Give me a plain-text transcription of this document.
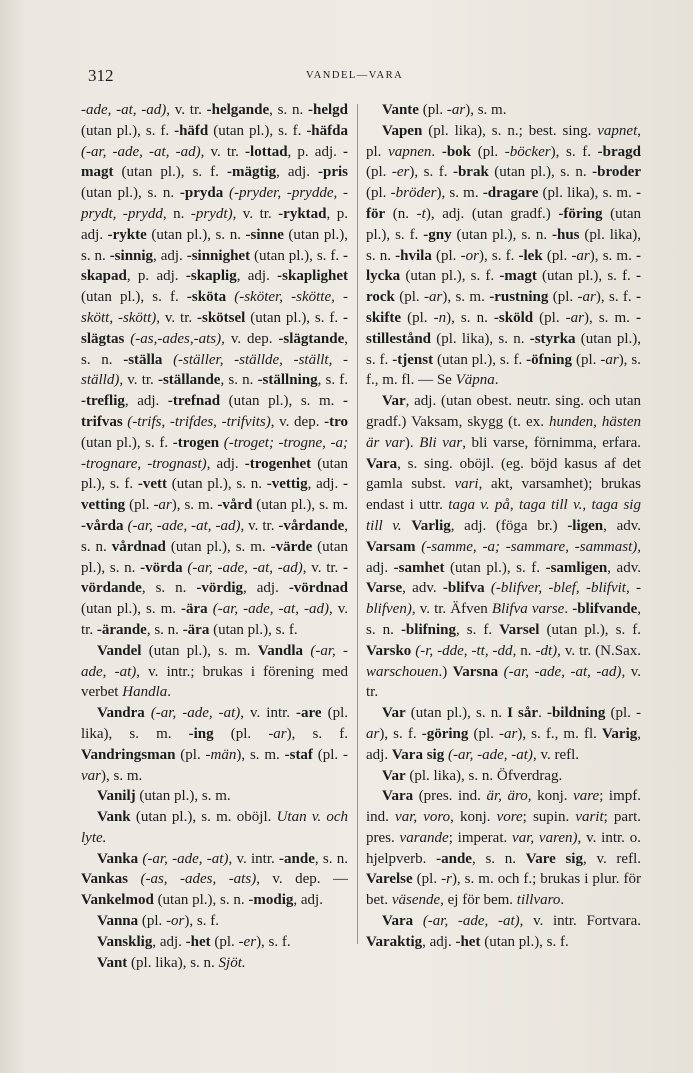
312	VANDEL—VARA

-ade, -at, -ad), v. tr. -helgande, s. n. -helgd (utan pl.), s. f. -häfd (utan pl.), s. f. -häfda (-ar, -ade, -at, -ad), v. tr. -lottad, p. adj. -magt (utan pl.), s. f. -mägtig, adj. -pris (utan pl.), s. n. -pryda (-pryder, -prydde, -prydt, -prydd, n. -prydt), v. tr. -ryktad, p. adj. -rykte (utan pl.), s. n. -sinne (utan pl.), s. n. -sinnig, adj. -sinnighet (utan pl.), s. f. -skapad, p. adj. -skaplig, adj. -skaplighet (utan pl.), s. f. -sköta (-sköter, -skötte, -skött, -skött), v. tr. -skötsel (utan pl.), s. f. -slägtas (-as,-ades,-ats), v. dep. -slägtande, s. n. -ställa (-ställer, -ställde, -ställt, -ställd), v. tr. -ställande, s. n. -ställning, s. f. -treflig, adj. -trefnad (utan pl.), s. m. -trifvas (-trifs, -trifdes, -trifvits), v. dep. -tro (utan pl.), s. f. -trogen (-troget; -trogne, -a; -trognare, -trognast), adj. -trogenhet (utan pl.), s. f. -vett (utan pl.), s. n. -vettig, adj. -vetting (pl. -ar), s. m. -vård (utan pl.), s. m. -vårda (-ar, -ade, -at, -ad), v. tr. -vårdande, s. n. vårdnad (utan pl.), s. m. -värde (utan pl.), s. n. -vörda (-ar, -ade, -at, -ad), v. tr. -vördande, s. n. -vördig, adj. -vördnad (utan pl.), s. m. -ära (-ar, -ade, -at, -ad), v. tr. -ärande, s. n. -ära (utan pl.), s. f.

Vandel (utan pl.), s. m. Vandla (-ar, -ade, -at), v. intr.; brukas i förening med verbet Handla.

Vandra (-ar, -ade, -at), v. intr. -are (pl. lika), s. m. -ing (pl. -ar), s. f. Vandringsman (pl. -män), s. m. -staf (pl. -var), s. m.

Vanilj (utan pl.), s. m.

Vank (utan pl.), s. m. oböjl. Utan v. och lyte.

Vanka (-ar, -ade, -at), v. intr. -ande, s. n. Vankas (-as, -ades, -ats), v. dep. —Vankelmod (utan pl.), s. n. -modig, adj.

Vanna (pl. -or), s. f.

Vansklig, adj. -het (pl. -er), s. f.

Vant (pl. lika), s. n. Sjöt.

Vante (pl. -ar), s. m.

Vapen (pl. lika), s. n.; best. sing. vapnet, pl. vapnen. -bok (pl. -böcker), s. f. -bragd (pl. -er), s. f. -brak (utan pl.), s. n. -broder (pl. -bröder), s. m. -dragare (pl. lika), s. m. -för (n. -t), adj. (utan gradf.) -föring (utan pl.), s. f. -gny (utan pl.), s. n. -hus (pl. lika), s. n. -hvila (pl. -or), s. f. -lek (pl. -ar), s. m. -lycka (utan pl.), s. f. -magt (utan pl.), s. f. -rock (pl. -ar), s. m. -rustning (pl. -ar), s. f. -skifte (pl. -n), s. n. -sköld (pl. -ar), s. m. -stillestånd (pl. lika), s. n. -styrka (utan pl.), s. f. -tjenst (utan pl.), s. f. -öfning (pl. -ar), s. f., m. fl. — Se Väpna.

Var, adj. (utan obest. neutr. sing. och utan gradf.) Vaksam, skygg (t. ex. hunden, hästen är var). Bli var, bli varse, förnimma, erfara. Vara, s. sing. oböjl. (eg. böjd kasus af det gamla subst. vari, akt, varsamhet); brukas endast i uttr. taga v. på, taga till v., taga sig till v. Varlig, adj. (föga br.) -ligen, adv. Varsam (-samme, -a; -sammare, -sammast), adj. -samhet (utan pl.), s. f. -samligen, adv. Varse, adv. -blifva (-blifver, -blef, -blifvit, -blifven), v. tr. Äfven Blifva varse. -blifvande, s. n. -blifning, s. f. Varsel (utan pl.), s. f. Varsko (-r, -dde, -tt, -dd, n. -dt), v. tr. (N.Sax. warschouen.) Varsna (-ar, -ade, -at, -ad), v. tr.

Var (utan pl.), s. n. I sår. -bildning (pl. -ar), s. f. -göring (pl. -ar), s. f., m. fl. Varig, adj. Vara sig (-ar, -ade, -at), v. refl.

Var (pl. lika), s. n. Öfverdrag.

Vara (pres. ind. är, äro, konj. vare; impf. ind. var, voro, konj. vore; supin. varit; part. pres. varande; imperat. var, varen), v. intr. o. hjelpverb. -ande, s. n. Vare sig, v. refl. Varelse (pl. -r), s. m. och f.; brukas i plur. för bet. väsende, ej för bem. tillvaro.

Vara (-ar, -ade, -at), v. intr. Fortvara. Varaktig, adj. -het (utan pl.), s. f.
